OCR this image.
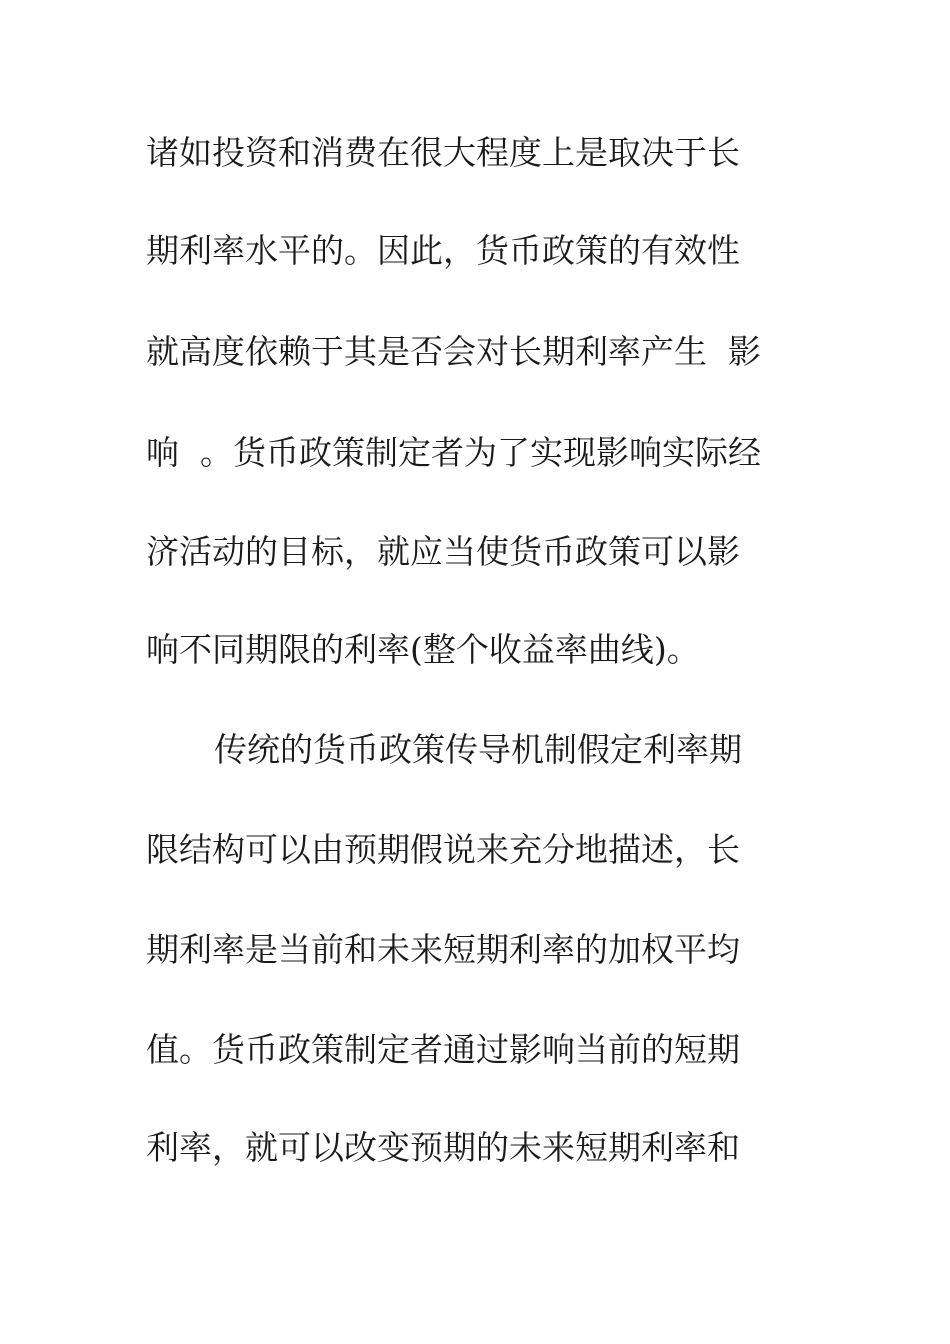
诸如投资和消费在很大程度上是取决于长

期利率水平的。因此，货币政策的有效性

就高度依赖于其是否会对长期利率产生  影

响  。货币政策制定者为了实现影响实际经

济活动的目标，就应当使货币政策可以影

响不同期限的利率(整个收益率曲线)。

传统的货币政策传导机制假定利率期

限结构可以由预期假说来充分地描述，长

期利率是当前和未来短期利率的加权平均

值。货币政策制定者通过影响当前的短期

利率，就可以改变预期的未来短期利率和
